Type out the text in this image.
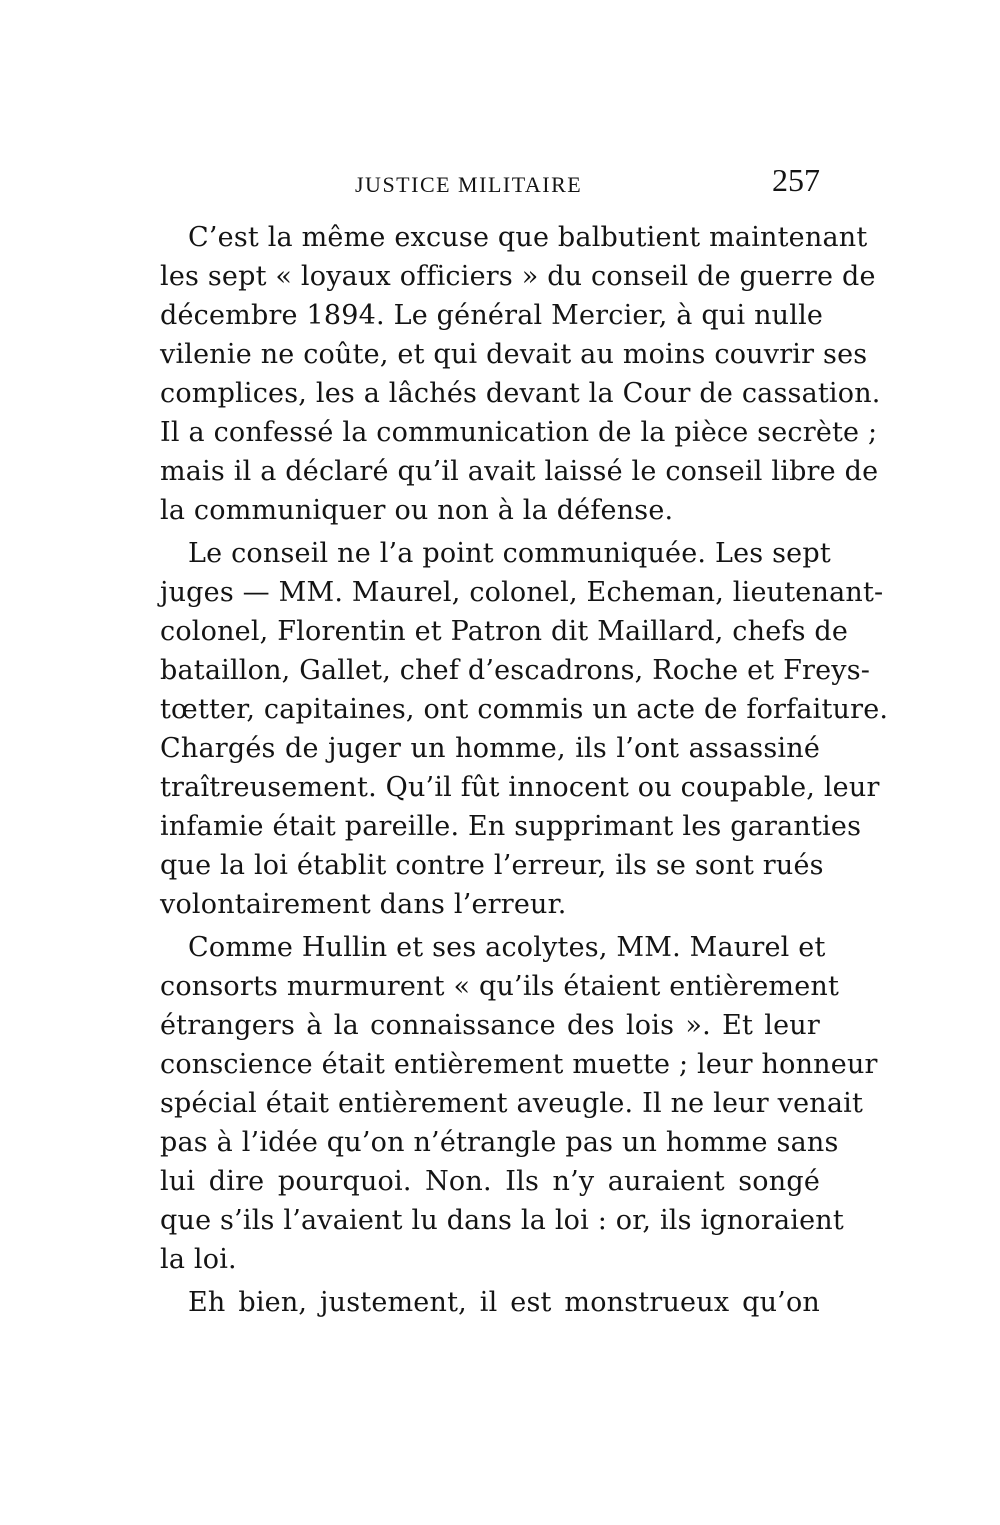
JUSTICE MILITAIRE	257
C’est la même excuse que balbutient maintenant
les sept « loyaux officiers » du conseil de guerre de
décembre 1894. Le général Mercier, à qui nulle
vilenie ne coûte, et qui devait au moins couvrir ses
complices, les a lâchés devant la Cour de cassation.
Il a confessé la communication de la pièce secrète ;
mais il a déclaré qu’il avait laissé le conseil libre de
la communiquer ou non à la défense.
Le conseil ne l’a point communiquée. Les sept
juges — MM. Maurel, colonel, Echeman, lieutenant-
colonel, Florentin et Patron dit Maillard, chefs de
bataillon, Gallet, chef d’escadrons, Roche et Freys-
tœtter, capitaines, ont commis un acte de forfaiture.
Chargés de juger un homme, ils l’ont assassiné
traîtreusement. Qu’il fût innocent ou coupable, leur
infamie était pareille. En supprimant les garanties
que la loi établit contre l’erreur, ils se sont rués
volontairement dans l’erreur.
Comme Hullin et ses acolytes, MM. Maurel et
consorts murmurent « qu’ils étaient entièrement
étrangers à la connaissance des lois ». Et leur
conscience était entièrement muette ; leur honneur
spécial était entièrement aveugle. Il ne leur venait
pas à l’idée qu’on n’étrangle pas un homme sans
lui dire pourquoi. Non. Ils n’y auraient songé
que s’ils l’avaient lu dans la loi : or, ils ignoraient
la loi.
Eh bien, justement, il est monstrueux qu’on
